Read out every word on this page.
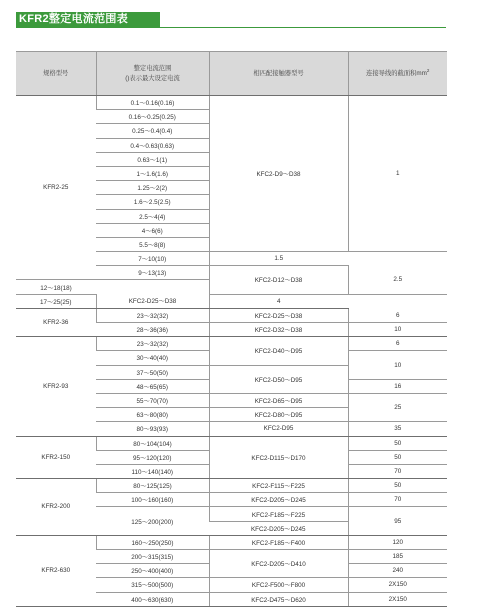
KFR2整定电流范围表
规格型号	整定电流范围
()表示最大设定电流	相匹配接触器型号	连接导线的截面积$mm^2$
KFR2-25	0.1～0.16(0.16)	KFC2-D9～D38	1
	0.16～0.25(0.25)		
	0.25～0.4(0.4)		
	0.4～0.63(0.63)		
	0.63～1(1)		
	1～1.6(1.6)		
	1.25～2(2)		
	1.6～2.5(2.5)		
	2.5～4(4)		
	4～6(6)		
	5.5～8(8)		
	7～10(10)	1.5	
	9～13(13)	KFC2-D12～D38	2.5
12～18(18)			
17～25(25)	KFC2-D25～D38	4	
KFR2-36	23～32(32)	KFC2-D25～D38	6
	28～36(36)	KFC2-D32～D38	10
KFR2-93	23～32(32)	KFC2-D40～D95	6
	30～40(40)		10
	37～50(50)	KFC2-D50～D95	
	48～65(65)		16
	55～70(70)	KFC2-D65～D95	25
	63～80(80)	KFC2-D80～D95	
	80～93(93)	KFC2-D95	35
KFR2-150	80～104(104)	KFC2-D115～D170	50
	95～120(120)		50
	110～140(140)		70
KFR2-200	80～125(125)	KFC2-F115～F225	50
	100～160(160)	KFC2-D205～D245	70
	125～200(200)	KFC2-F185～F225	95
		KFC2-D205～D245	
KFR2-630	160～250(250)	KFC2-F185～F400	120
	200～315(315)	KFC2-D205～D410	185
	250～400(400)		240
	315～500(500)	KFC2-F500～F800	2X150
	400～630(630)	KFC2-D475～D620	2X150
